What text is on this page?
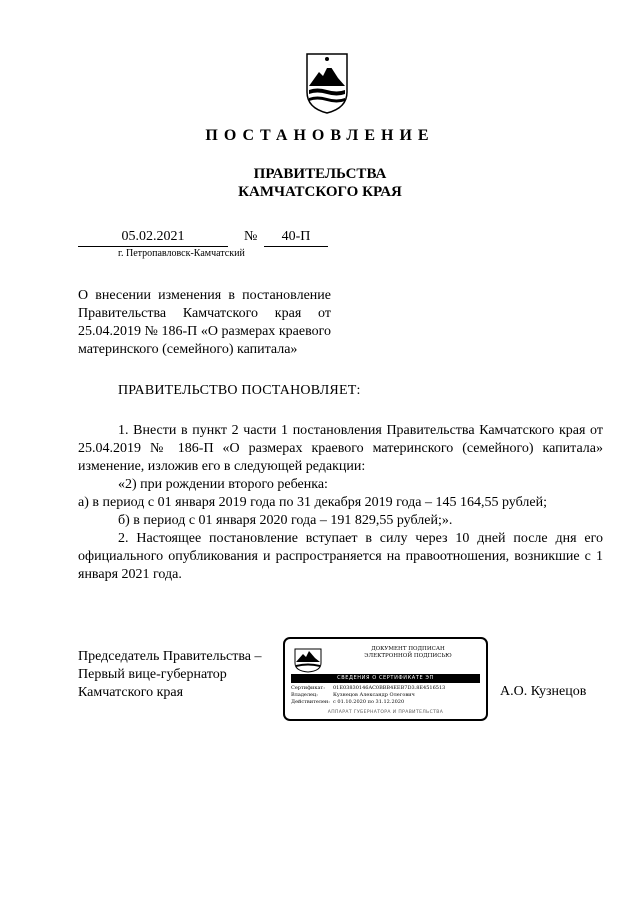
ПОСТАНОВЛЕНИЕ
ПРАВИТЕЛЬСТВА
КАМЧАТСКОГО КРАЯ
05.02.2021	№	40-П
г. Петропавловск-Камчатский
О внесении изменения в постановление Правительства Камчатского края от 25.04.2019 № 186-П «О размерах краевого материнского (семейного) капитала»
ПРАВИТЕЛЬСТВО ПОСТАНОВЛЯЕТ:

1. Внести в пункт 2 части 1 постановления Правительства Камчатского края от 25.04.2019 № 186-П «О размерах краевого материнского (семейного) капитала» изменение, изложив его в следующей редакции:

«2) при рождении второго ребенка:

а) в период с 01 января 2019 года по 31 декабря 2019 года – 145 164,55 рублей;

б) в период с 01 января 2020 года – 191 829,55 рублей;».

2. Настоящее постановление вступает в силу через 10 дней после дня его официального опубликования и распространяется на правоотношения, возникшие с 1 января 2021 года.

Председатель Правительства –
Первый вице-губернатор
Камчатского края
ДОКУМЕНТ ПОДПИСАН
ЭЛЕКТРОННОЙ ПОДПИСЬЮ
СВЕДЕНИЯ О СЕРТИФИКАТЕ ЭП
Сертификат:	01E03830146AC0BBB4EEB7D3.8E4516513
Владелец:	Кузнецов Александр Олегович
Действителен: с 01.10.2020 по 31.12.2020
АППАРАТ ГУБЕРНАТОРА И ПРАВИТЕЛЬСТВА
А.О. Кузнецов
